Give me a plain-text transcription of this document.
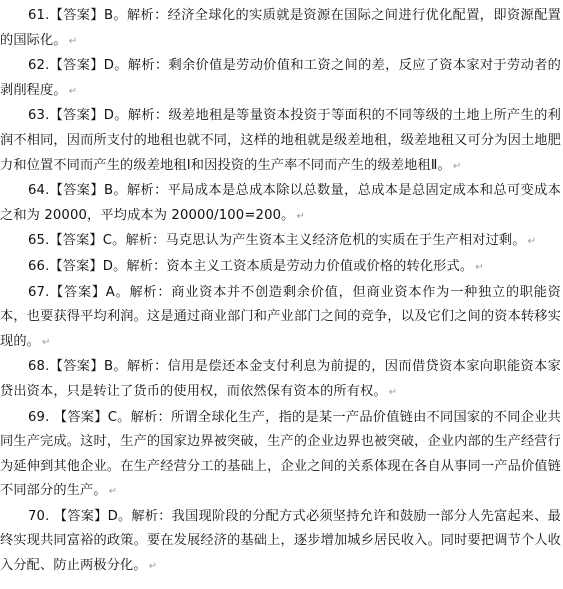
61.【答案】B。解析：经济全球化的实质就是资源在国际之间进行优化配置，即资源配置的国际化。 ↵

62.【答案】D。解析：剩余价值是劳动价值和工资之间的差，反应了资本家对于劳动者的剥削程度。 ↵

63.【答案】D。解析：级差地租是等量资本投资于等面积的不同等级的土地上所产生的利润不相同，因而所支付的地租也就不同，这样的地租就是级差地租，级差地租又可分为因土地肥力和位置不同而产生的级差地租Ⅰ和因投资的生产率不同而产生的级差地租Ⅱ。 ↵

64.【答案】B。解析：平局成本是总成本除以总数量，总成本是总固定成本和总可变成本之和为 20000，平均成本为 20000/100=200。 ↵

65.【答案】C。解析：马克思认为产生资本主义经济危机的实质在于生产相对过剩。 ↵

66.【答案】D。解析：资本主义工资本质是劳动力价值或价格的转化形式。 ↵

67.【答案】A。解析：商业资本并不创造剩余价值，但商业资本作为一种独立的职能资本，也要获得平均利润。这是通过商业部门和产业部门之间的竞争，以及它们之间的资本转移实现的。 ↵

68.【答案】B。解析：信用是偿还本金支付利息为前提的，因而借贷资本家向职能资本家贷出资本，只是转让了货币的使用权，而依然保有资本的所有权。 ↵

69. 【答案】C。解析：所谓全球化生产，指的是某一产品价值链由不同国家的不同企业共同生产完成。这时，生产的国家边界被突破，生产的企业边界也被突破，企业内部的生产经营行为延伸到其他企业。在生产经营分工的基础上，企业之间的关系体现在各自从事同一产品价值链不同部分的生产。 ↵

70. 【答案】D。解析：我国现阶段的分配方式必须坚持允许和鼓励一部分人先富起来、最终实现共同富裕的政策。要在发展经济的基础上，逐步增加城乡居民收入。同时要把调节个人收入分配、防止两极分化。 ↵
